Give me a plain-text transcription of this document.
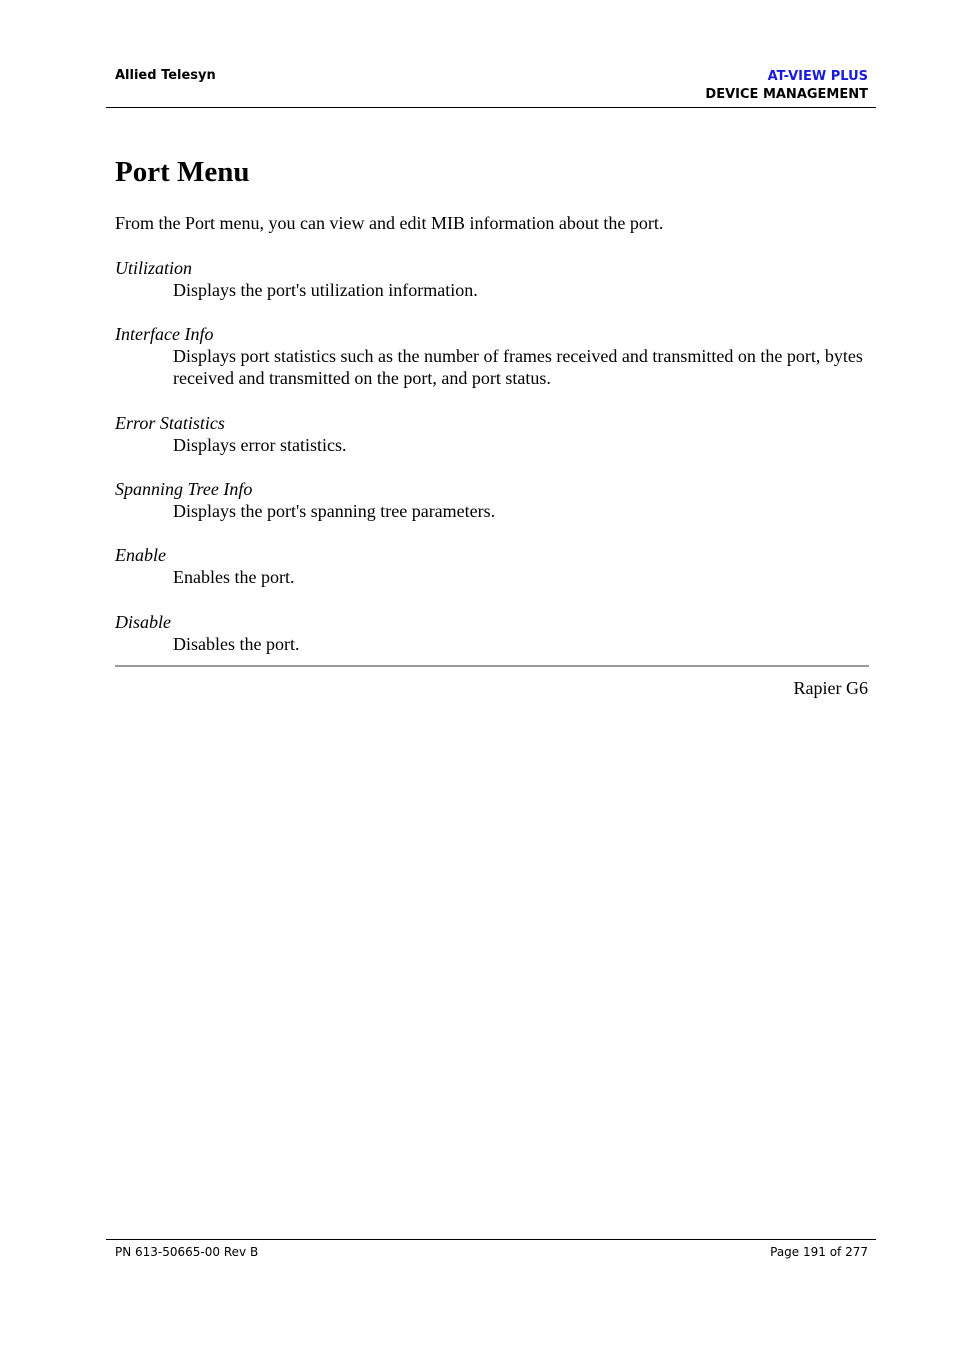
Allied Telesyn	AT-VIEW PLUS
DEVICE MANAGEMENT
Port Menu

From the Port menu, you can view and edit MIB information about the port.

Utilization
Displays the port's utilization information.
Interface Info
Displays port statistics such as the number of frames received and transmitted on the port, bytes received and transmitted on the port, and port status.
Error Statistics
Displays error statistics.
Spanning Tree Info
Displays the port's spanning tree parameters.
Enable
Enables the port.
Disable
Disables the port.
Rapier G6
PN 613-50665-00 Rev B	Page 191 of 277
